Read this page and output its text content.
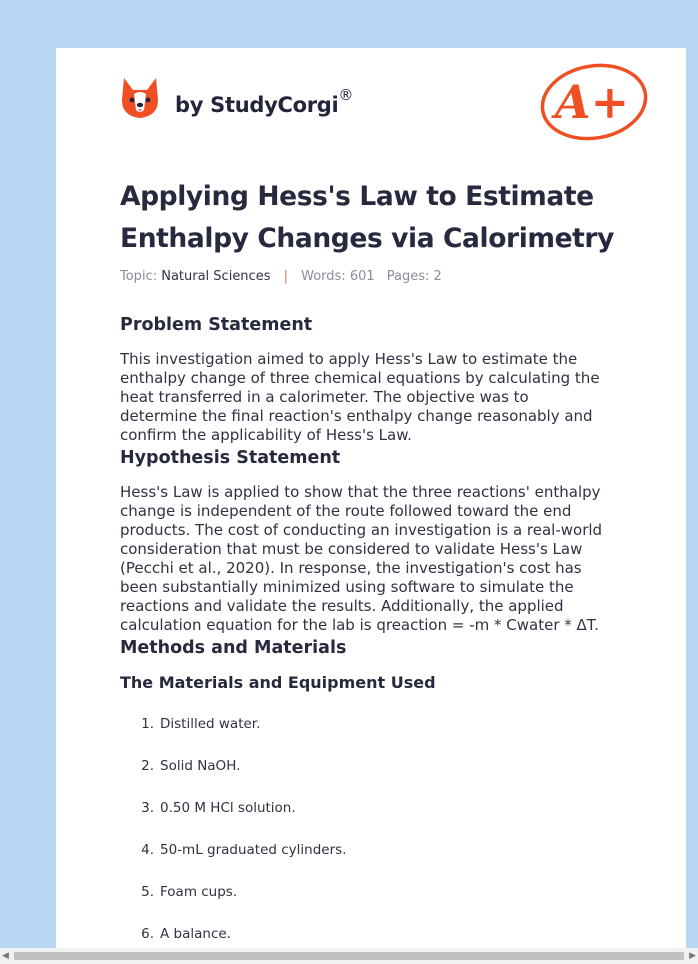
by StudyCorgi®	A+
Applying Hess's Law to Estimate Enthalpy Changes via Calorimetry
Topic: Natural Sciences | Words: 601 Pages: 2
Problem Statement

This investigation aimed to apply Hess's Law to estimate the
enthalpy change of three chemical equations by calculating the
heat transferred in a calorimeter. The objective was to
determine the final reaction's enthalpy change reasonably and
confirm the applicability of Hess's Law.

Hypothesis Statement

Hess's Law is applied to show that the three reactions' enthalpy
change is independent of the route followed toward the end
products. The cost of conducting an investigation is a real-world
consideration that must be considered to validate Hess's Law
(Pecchi et al., 2020). In response, the investigation's cost has
been substantially minimized using software to simulate the
reactions and validate the results. Additionally, the applied
calculation equation for the lab is qreaction = -m * Cwater * ΔT.

Methods and Materials
The Materials and Equipment Used
1. Distilled water.
2. Solid NaOH.
3. 0.50 M HCl solution.
4. 50-mL graduated cylinders.
5. Foam cups.
6. A balance.
◀	▶
